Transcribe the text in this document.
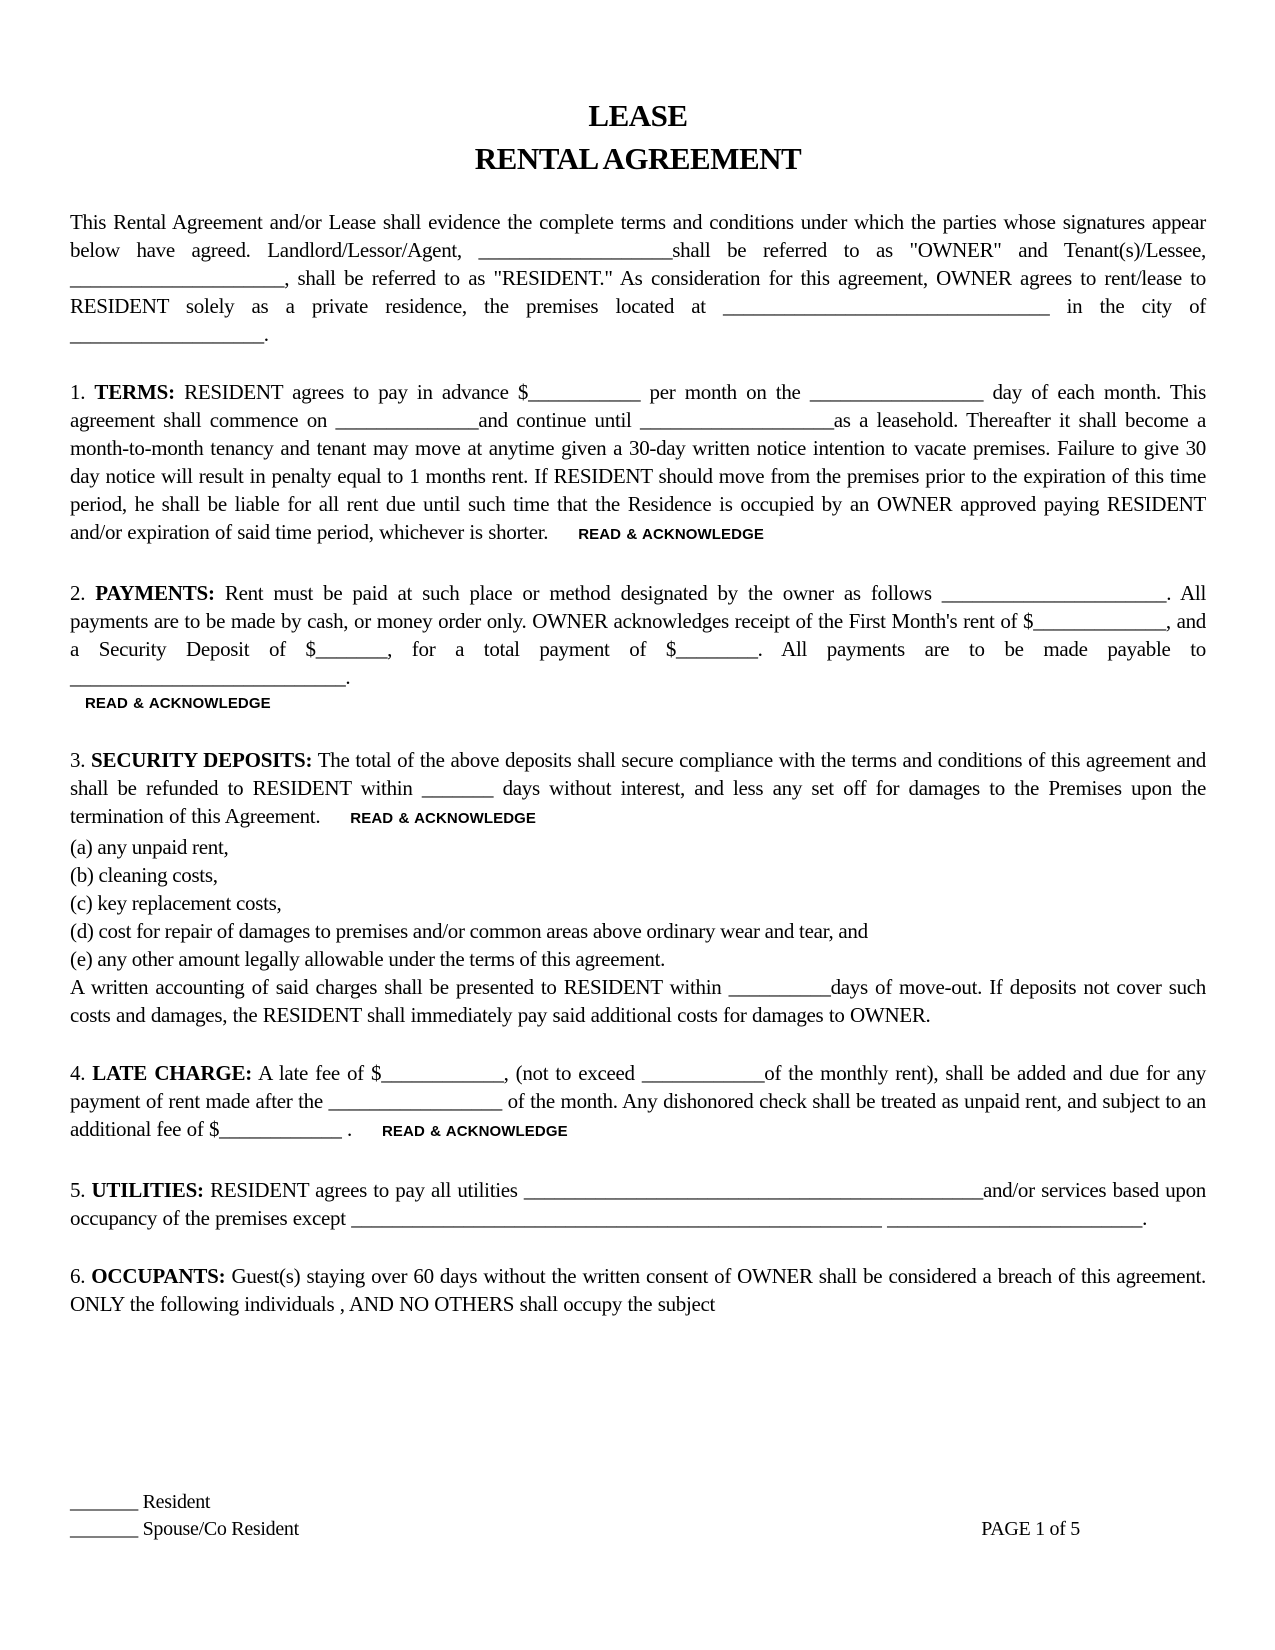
LEASE
RENTAL AGREEMENT

This Rental Agreement and/or Lease shall evidence the complete terms and conditions under which the parties whose signatures appear below have agreed. Landlord/Lessor/Agent, ___________________shall be referred to as "OWNER" and Tenant(s)/Lessee, _____________________, shall be referred to as "RESIDENT." As consideration for this agreement, OWNER agrees to rent/lease to RESIDENT solely as a private residence, the premises located at ________________________________ in the city of ___________________.

1. TERMS: RESIDENT agrees to pay in advance $___________ per month on the _________________ day of each month. This agreement shall commence on ______________and continue until ___________________as a leasehold. Thereafter it shall become a month-to-month tenancy and tenant may move at anytime given a 30-day written notice intention to vacate premises. Failure to give 30 day notice will result in penalty equal to 1 months rent. If RESIDENT should move from the premises prior to the expiration of this time period, he shall be liable for all rent due until such time that the Residence is occupied by an OWNER approved paying RESIDENT and/or expiration of said time period, whichever is shorter. READ & ACKNOWLEDGE

2. PAYMENTS: Rent must be paid at such place or method designated by the owner as follows ______________________. All payments are to be made by cash, or money order only. OWNER acknowledges receipt of the First Month's rent of $_____________, and a Security Deposit of $_______, for a total payment of $________. All payments are to be made payable to ___________________________.

READ & ACKNOWLEDGE

3. SECURITY DEPOSITS: The total of the above deposits shall secure compliance with the terms and conditions of this agreement and shall be refunded to RESIDENT within _______ days without interest, and less any set off for damages to the Premises upon the termination of this Agreement. READ & ACKNOWLEDGE

(a) any unpaid rent,
(b) cleaning costs,
(c) key replacement costs,
(d) cost for repair of damages to premises and/or common areas above ordinary wear and tear, and
(e) any other amount legally allowable under the terms of this agreement.

A written accounting of said charges shall be presented to RESIDENT within __________days of move-out. If deposits not cover such costs and damages, the RESIDENT shall immediately pay said additional costs for damages to OWNER.

4. LATE CHARGE: A late fee of $____________, (not to exceed ____________of the monthly rent), shall be added and due for any payment of rent made after the _________________ of the month. Any dishonored check shall be treated as unpaid rent, and subject to an additional fee of $____________ . READ & ACKNOWLEDGE

5. UTILITIES: RESIDENT agrees to pay all utilities _____________________________________________and/or services based upon occupancy of the premises except ____________________________________________________ _________________________.

6. OCCUPANTS: Guest(s) staying over 60 days without the written consent of OWNER shall be considered a breach of this agreement. ONLY the following individuals , AND NO OTHERS shall occupy the subject

_______ Resident
_______ Spouse/Co Resident	PAGE 1 of 5
